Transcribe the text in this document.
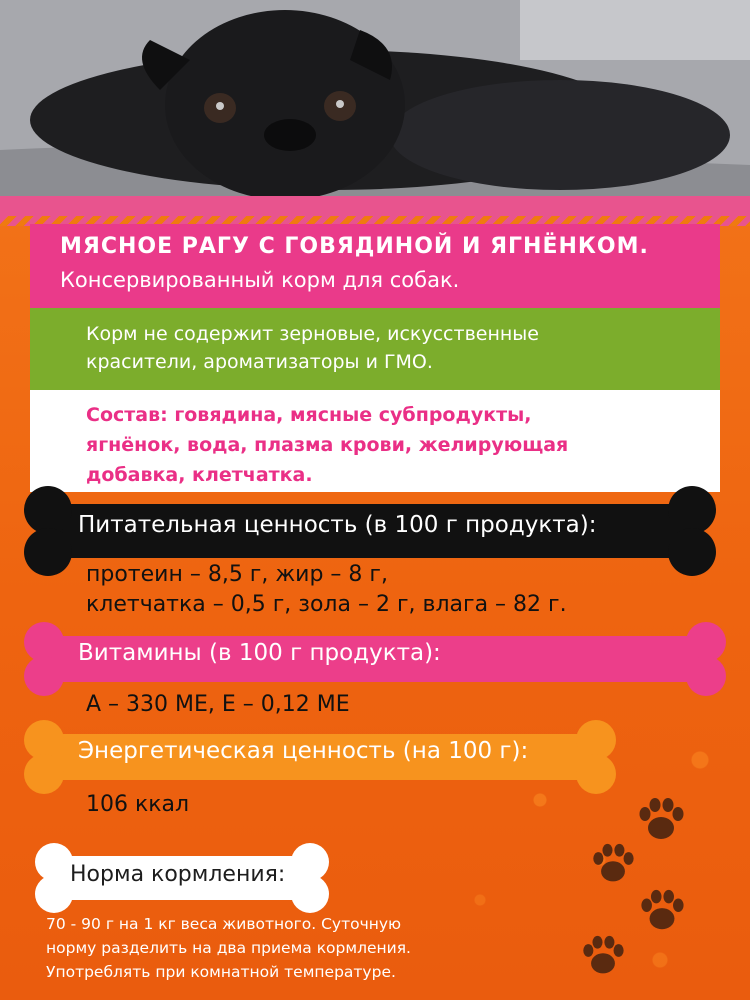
МЯСНОЕ РАГУ С ГОВЯДИНОЙ И ЯГНЁНКОМ.
Консервированный корм для собак.
Корм не содержит зерновые, искусственные
красители, ароматизаторы и ГМО.
Состав: говядина, мясные субпродукты,
ягнёнок, вода, плазма крови, желирующая
добавка, клетчатка.
Питательная ценность (в 100 г продукта):
протеин – 8,5 г, жир – 8 г,
клетчатка – 0,5 г, зола – 2 г, влага – 82 г.
Витамины (в 100 г продукта):
А – 330 МЕ, Е – 0,12 МЕ
Энергетическая ценность (на 100 г):
106 ккал
Норма кормления:
70 - 90 г на 1 кг веса животного. Суточную
норму разделить на два приема кормления.
Употреблять при комнатной температуре.
